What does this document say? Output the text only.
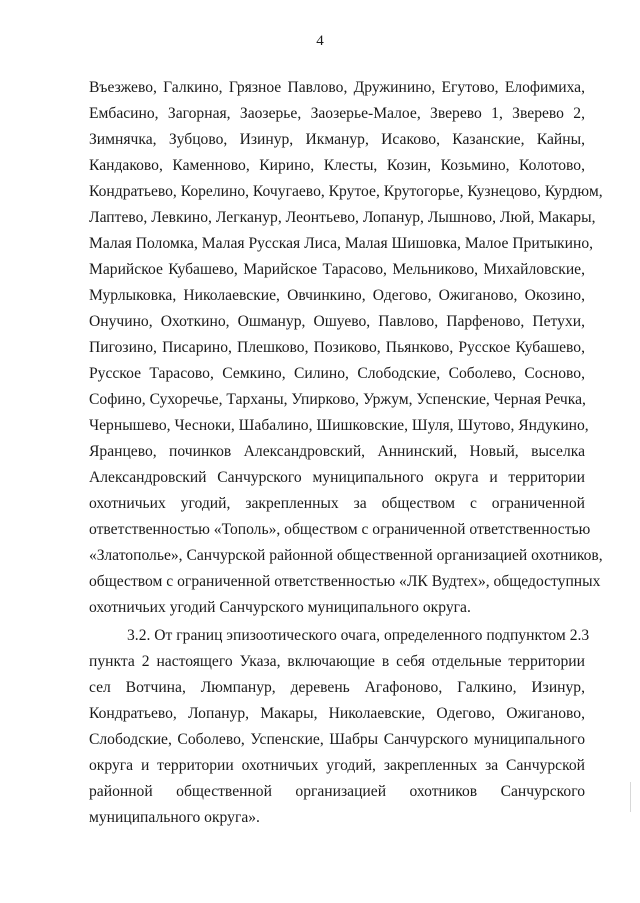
4
Въезжево, Галкино, Грязное Павлово, Дружинино, Егутово, Елофимиха,
Ембасино, Загорная, Заозерье, Заозерье-Малое, Зверево 1, Зверево 2,
Зимнячка, Зубцово, Изинур, Икманур, Исаково, Казанские, Кайны,
Кандаково, Каменново, Кирино, Клесты, Козин, Козьмино, Колотово,
Кондратьево, Корелино, Кочугаево, Крутое, Крутогорье, Кузнецово, Курдюм,
Лаптево, Левкино, Легканур, Леонтьево, Лопанур, Лышново, Люй, Макары,
Малая Поломка, Малая Русская Лиса, Малая Шишовка, Малое Притыкино,
Марийское Кубашево, Марийское Тарасово, Мельниково, Михайловские,
Мурлыковка, Николаевские, Овчинкино, Одегово, Ожиганово, Окозино,
Онучино, Охоткино, Ошманур, Ошуево, Павлово, Парфеново, Петухи,
Пигозино, Писарино, Плешково, Позиково, Пьянково, Русское Кубашево,
Русское Тарасово, Семкино, Силино, Слободские, Соболево, Сосново,
Софино, Сухоречье, Тарханы, Упирково, Уржум, Успенские, Черная Речка,
Чернышево, Чесноки, Шабалино, Шишковские, Шуля, Шутово, Яндукино,
Яранцево, починков Александровский, Аннинский, Новый, выселка
Александровский Санчурского муниципального округа и территории
охотничьих угодий, закрепленных за обществом с ограниченной
ответственностью «Тополь», обществом с ограниченной ответственностью
«Златополье», Санчурской районной общественной организацией охотников,
обществом с ограниченной ответственностью «ЛК Вудтех», общедоступных
охотничьих угодий Санчурского муниципального округа.
3.2. От границ эпизоотического очага, определенного подпунктом 2.3
пункта 2 настоящего Указа, включающие в себя отдельные территории
сел Вотчина, Люмпанур, деревень Агафоново, Галкино, Изинур,
Кондратьево, Лопанур, Макары, Николаевские, Одегово, Ожиганово,
Слободские, Соболево, Успенские, Шабры Санчурского муниципального
округа и территории охотничьих угодий, закрепленных за Санчурской
районной общественной организацией охотников Санчурского
муниципального округа».
